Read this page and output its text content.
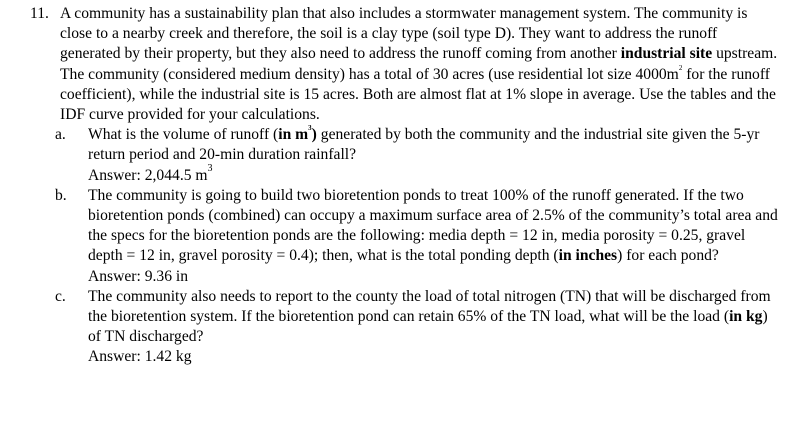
11. A community has a sustainability plan that also includes a stormwater management system. The community is close to a nearby creek and therefore, the soil is a clay type (soil type D). They want to address the runoff generated by their property, but they also need to address the runoff coming from another industrial site upstream. The community (considered medium density) has a total of 30 acres (use residential lot size $4000m^2$ for the runoff coefficient), while the industrial site is 15 acres. Both are almost flat at 1% slope in average. Use the tables and the IDF curve provided for your calculations.
a. What is the volume of runoff (in $m^3$) generated by both the community and the industrial site given the 5-yr return period and 20-min duration rainfall?
Answer: 2,044.5 $m^3$
b. The community is going to build two bioretention ponds to treat 100% of the runoff generated. If the two bioretention ponds (combined) can occupy a maximum surface area of 2.5% of the community’s total area and the specs for the bioretention ponds are the following: media depth = 12 in, media porosity = 0.25, gravel depth = 12 in, gravel porosity = 0.4); then, what is the total ponding depth (in inches) for each pond?
Answer: 9.36 in
c. The community also needs to report to the county the load of total nitrogen (TN) that will be discharged from the bioretention system. If the bioretention pond can retain 65% of the TN load, what will be the load (in kg) of TN discharged?
Answer: 1.42 kg
